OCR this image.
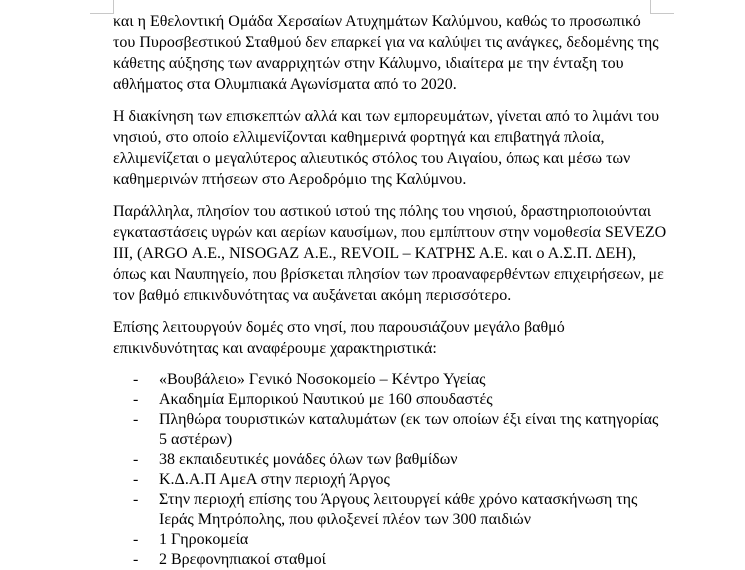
και η Εθελοντική Ομάδα Χερσαίων Ατυχημάτων Καλύμνου, καθώς το προσωπικό
του Πυροσβεστικού Σταθμού δεν επαρκεί για να καλύψει τις ανάγκες, δεδομένης της
κάθετης αύξησης των αναρριχητών στην Κάλυμνο, ιδιαίτερα με την ένταξη του
αθλήματος στα Ολυμπιακά Αγωνίσματα από το 2020.

Η διακίνηση των επισκεπτών αλλά και των εμπορευμάτων, γίνεται από το λιμάνι του
νησιού, στο οποίο ελλιμενίζονται καθημερινά φορτηγά και επιβατηγά πλοία,
ελλιμενίζεται ο μεγαλύτερος αλιευτικός στόλος του Αιγαίου, όπως και μέσω των
καθημερινών πτήσεων στο Αεροδρόμιο της Καλύμνου.

Παράλληλα, πλησίον του αστικού ιστού της πόλης του νησιού, δραστηριοποιούνται
εγκαταστάσεις υγρών και αερίων καυσίμων, που εμπίπτουν στην νομοθεσία SEVEZO
III, (ARGO Α.Ε., NISOGAZ Α.Ε., REVOIL – ΚΑΤΡΗΣ Α.Ε. και ο Α.Σ.Π. ΔΕΗ),
όπως και Ναυπηγείο, που βρίσκεται πλησίον των προαναφερθέντων επιχειρήσεων, με
τον βαθμό επικινδυνότητας να αυξάνεται ακόμη περισσότερο.

Επίσης λειτουργούν δομές στο νησί, που παρουσιάζουν μεγάλο βαθμό
επικινδυνότητας και αναφέρουμε χαρακτηριστικά:

- «Βουβάλειο» Γενικό Νοσοκομείο – Κέντρο Υγείας
- Ακαδημία Εμπορικού Ναυτικού με 160 σπουδαστές
- Πληθώρα τουριστικών καταλυμάτων (εκ των οποίων έξι είναι της κατηγορίας
5 αστέρων)
- 38 εκπαιδευτικές μονάδες όλων των βαθμίδων
- Κ.Δ.Α.Π ΑμεΑ στην περιοχή Άργος
- Στην περιοχή επίσης του Άργους λειτουργεί κάθε χρόνο κατασκήνωση της
Ιεράς Μητρόπολης, που φιλοξενεί πλέον των 300 παιδιών
- 1 Γηροκομεία
- 2 Βρεφονηπιακοί σταθμοί
